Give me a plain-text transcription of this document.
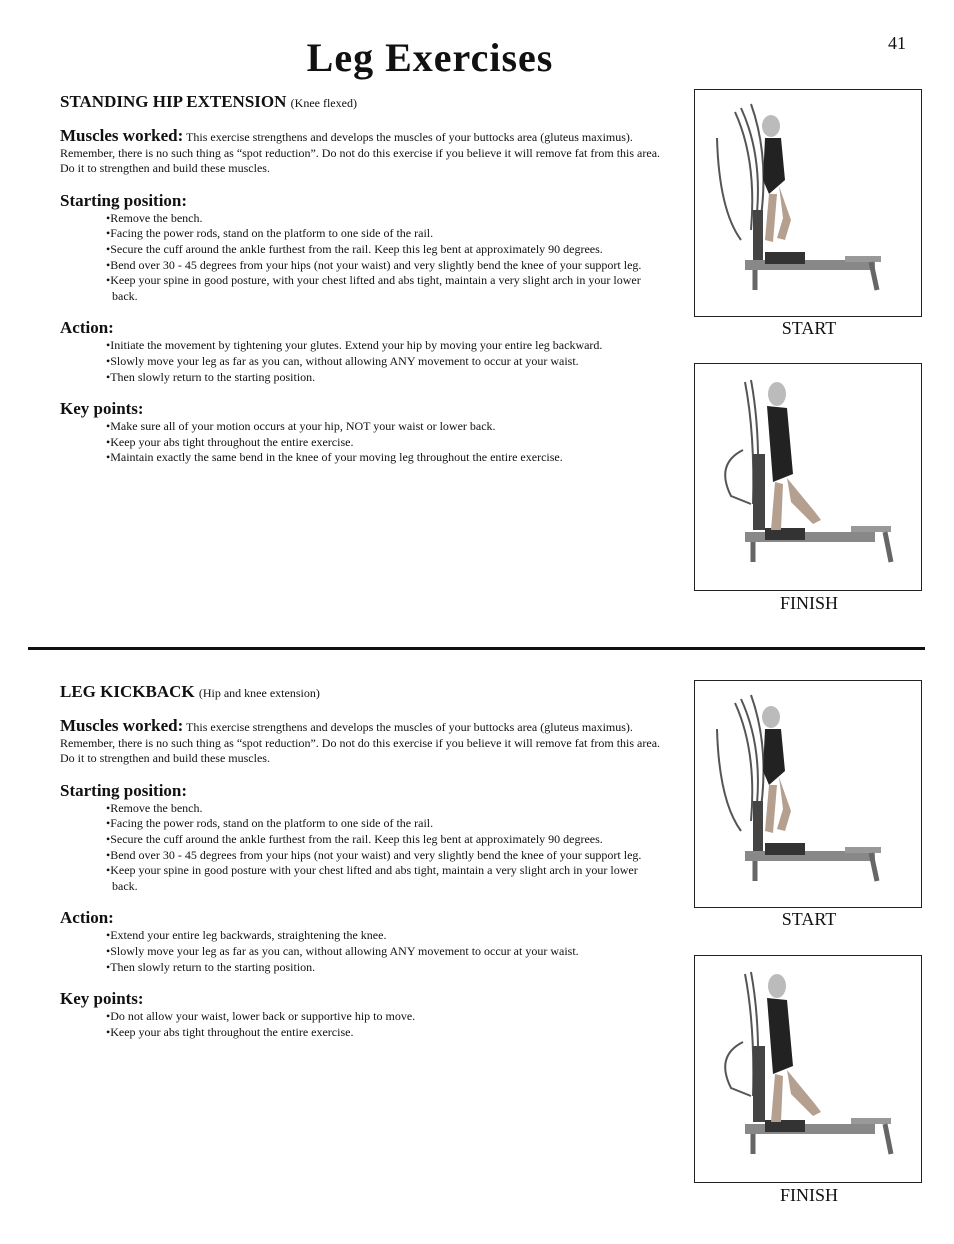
41
Leg Exercises

STANDING HIP EXTENSION (Knee flexed)

Muscles worked: This exercise strengthens and develops the muscles of your buttocks area (gluteus maximus). Remember, there is no such thing as “spot reduction”. Do not do this exercise if you believe it will remove fat from this area. Do it to strengthen and build these muscles.

Starting position:

• Remove the bench.
• Facing the power rods, stand on the platform to one side of the rail.
• Secure the cuff around the ankle furthest from the rail. Keep this leg bent at approximately 90 degrees.
• Bend over 30 - 45 degrees from your hips (not your waist) and very slightly bend the knee of your support leg.
• Keep your spine in good posture, with your chest lifted and abs tight, maintain a very slight arch in your lower back.

Action:

• Initiate the movement by tightening your glutes. Extend your hip by moving your entire leg backward.
• Slowly move your leg as far as you can, without allowing ANY movement to occur at your waist.
• Then slowly return to the starting position.

Key points:

• Make sure all of your motion occurs at your hip, NOT your waist or lower back.
• Keep your abs tight throughout the entire exercise.
• Maintain exactly the same bend in the knee of your moving leg throughout the entire exercise.
START
FINISH

LEG KICKBACK (Hip and knee extension)

Muscles worked: This exercise strengthens and develops the muscles of your buttocks area (gluteus maximus). Remember, there is no such thing as “spot reduction”. Do not do this exercise if you believe it will remove fat from this area. Do it to strengthen and build these muscles.

Starting position:

• Remove the bench.
• Facing the power rods, stand on the platform to one side of the rail.
• Secure the cuff around the ankle furthest from the rail. Keep this leg bent at approximately 90 degrees.
• Bend over 30 - 45 degrees from your hips (not your waist) and very slightly bend the knee of your support leg.
• Keep your spine in good posture with your chest lifted and abs tight, maintain a very slight arch in your lower back.

Action:

• Extend your entire leg backwards, straightening the knee.
• Slowly move your leg as far as you can, without allowing ANY movement to occur at your waist.
• Then slowly return to the starting position.

Key points:

• Do not allow your waist, lower back or supportive hip to move.
• Keep your abs tight throughout the entire exercise.
START
FINISH
